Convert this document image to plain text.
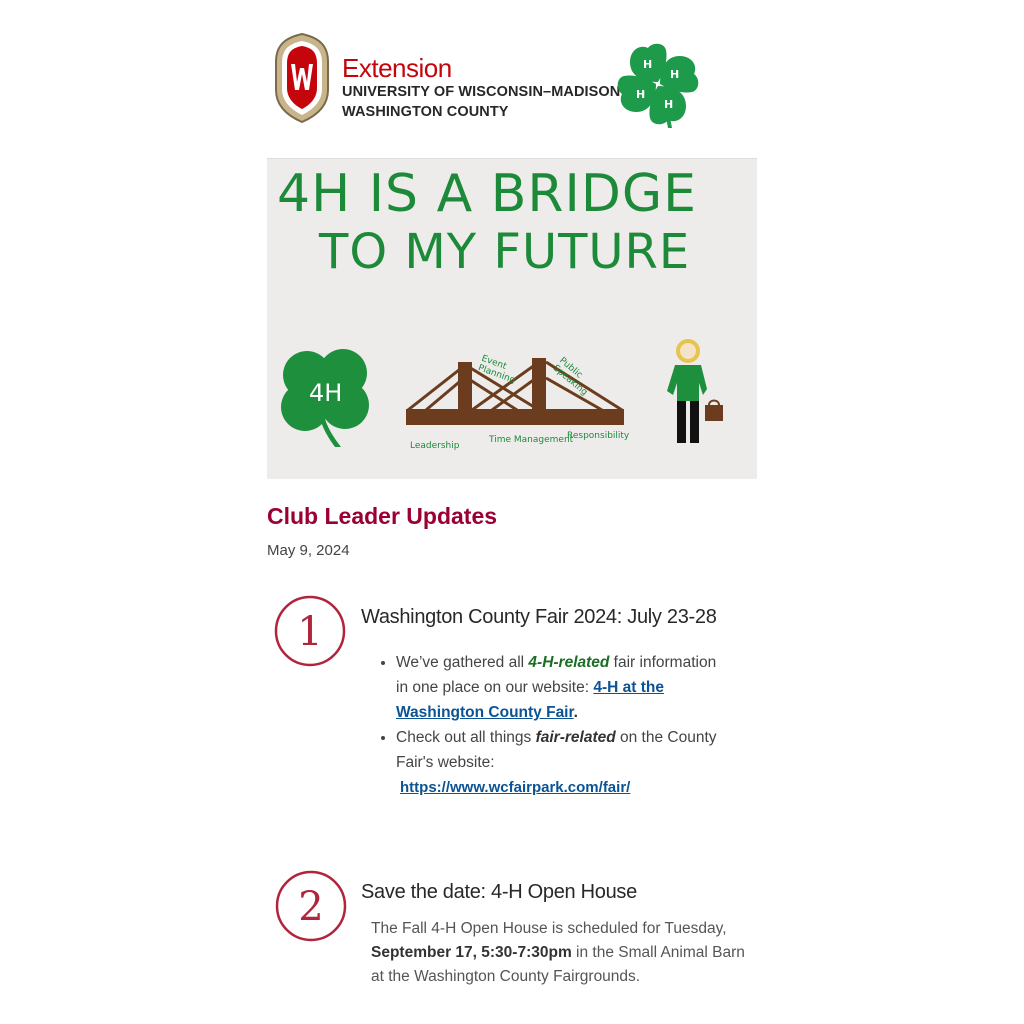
Extension
UNIVERSITY OF WISCONSIN–MADISON
WASHINGTON COUNTY
H
H
H
H
4H IS A BRIDGE
TO MY FUTURE
4H
Event Planning	Public Speaking
Leadership
Time Management
Responsibility
Club Leader Updates
May 9, 2024
1 Washington County Fair 2024: July 23-28
• We’ve gathered all 4-H-related fair information in one place on our website: 4-H at the Washington County Fair.
• Check out all things fair-related on the County Fair's website:
https://www.wcfairpark.com/fair/
2 Save the date: 4-H Open House
The Fall 4-H Open House is scheduled for Tuesday, September 17, 5:30-7:30pm in the Small Animal Barn at the Washington County Fairgrounds.
